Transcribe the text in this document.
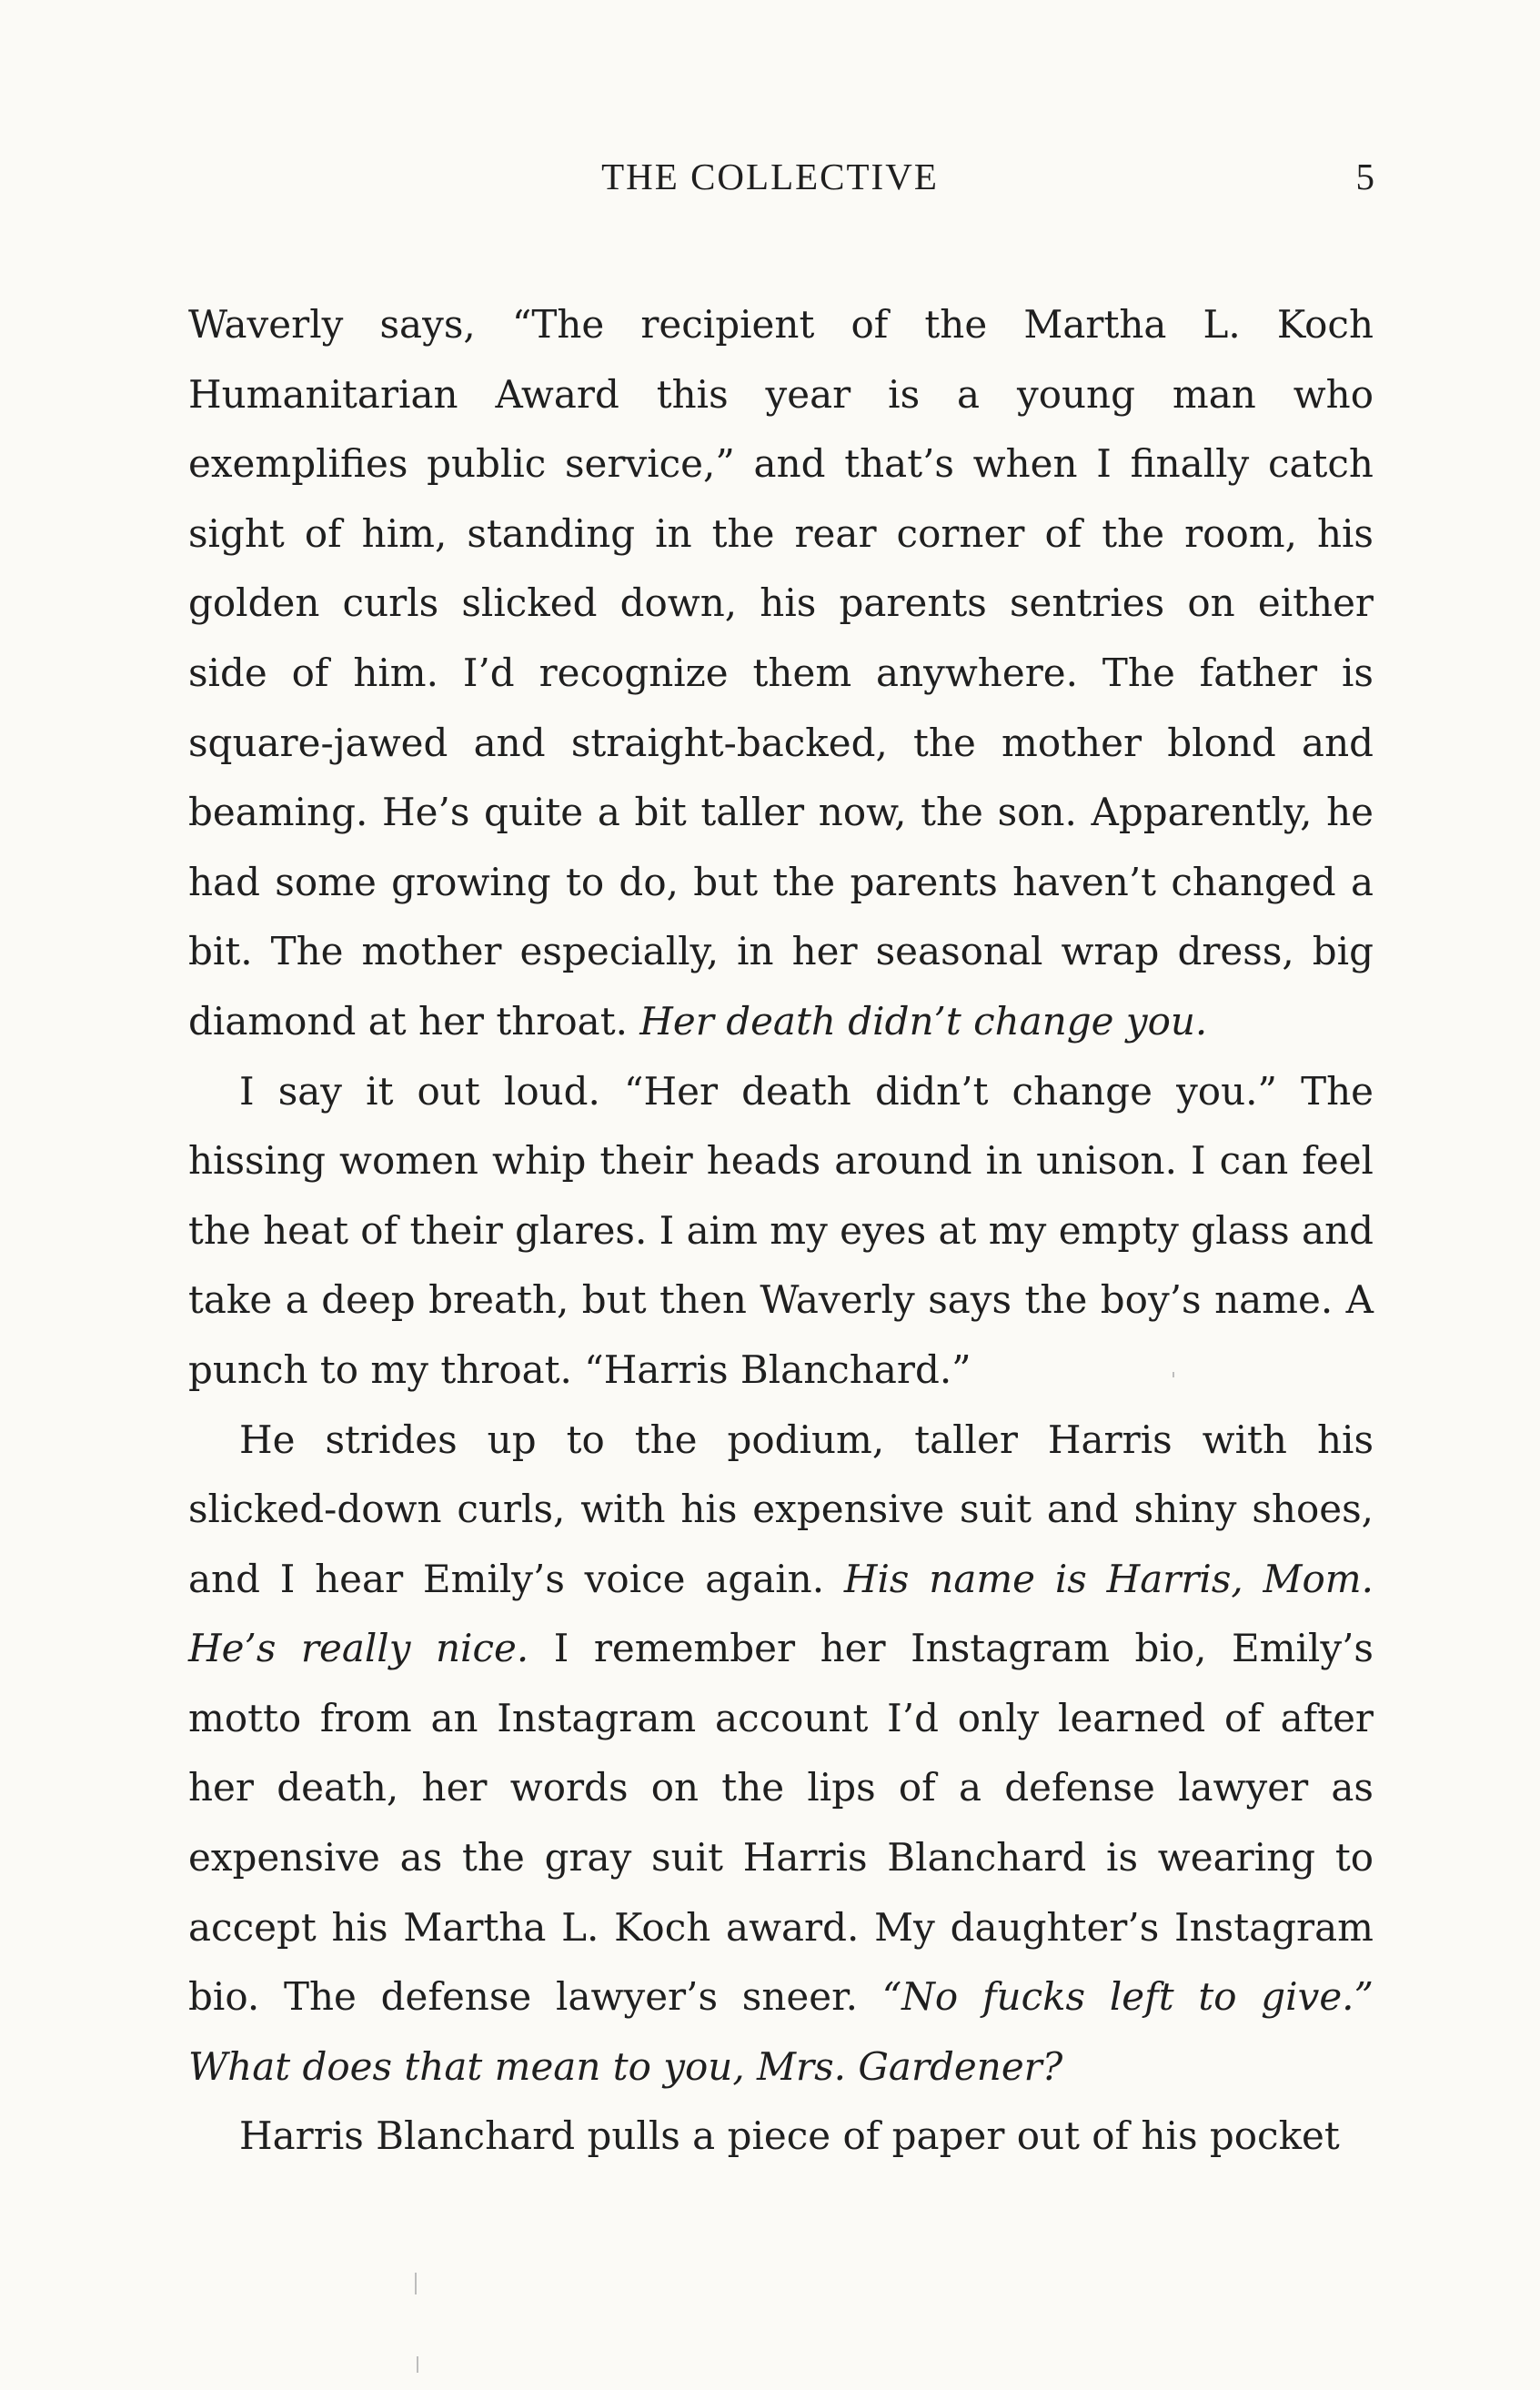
THE COLLECTIVE	5

Waverly says, “The recipient of the Martha L. Koch Humanitarian Award this year is a young man who exemplifies public service,” and that’s when I finally catch sight of him, standing in the rear corner of the room, his golden curls slicked down, his parents sentries on either side of him. I’d recognize them anywhere. The father is square-jawed and straight-backed, the mother blond and beaming. He’s quite a bit taller now, the son. Apparently, he had some growing to do, but the parents haven’t changed a bit. The mother especially, in her seasonal wrap dress, big diamond at her throat. Her death didn’t change you.

I say it out loud. “Her death didn’t change you.” The hissing women whip their heads around in unison. I can feel the heat of their glares. I aim my eyes at my empty glass and take a deep breath, but then Waverly says the boy’s name. A punch to my throat. “Harris Blanchard.”

He strides up to the podium, taller Harris with his slicked-down curls, with his expensive suit and shiny shoes, and I hear Emily’s voice again. His name is Harris, Mom. He’s really nice. I remember her Instagram bio, Emily’s motto from an Instagram account I’d only learned of after her death, her words on the lips of a defense lawyer as expensive as the gray suit Harris Blanchard is wearing to accept his Martha L. Koch award. My daughter’s Instagram bio. The defense lawyer’s sneer. “No fucks left to give.” What does that mean to you, Mrs. Gardener?

Harris Blanchard pulls a piece of paper out of his pocket
